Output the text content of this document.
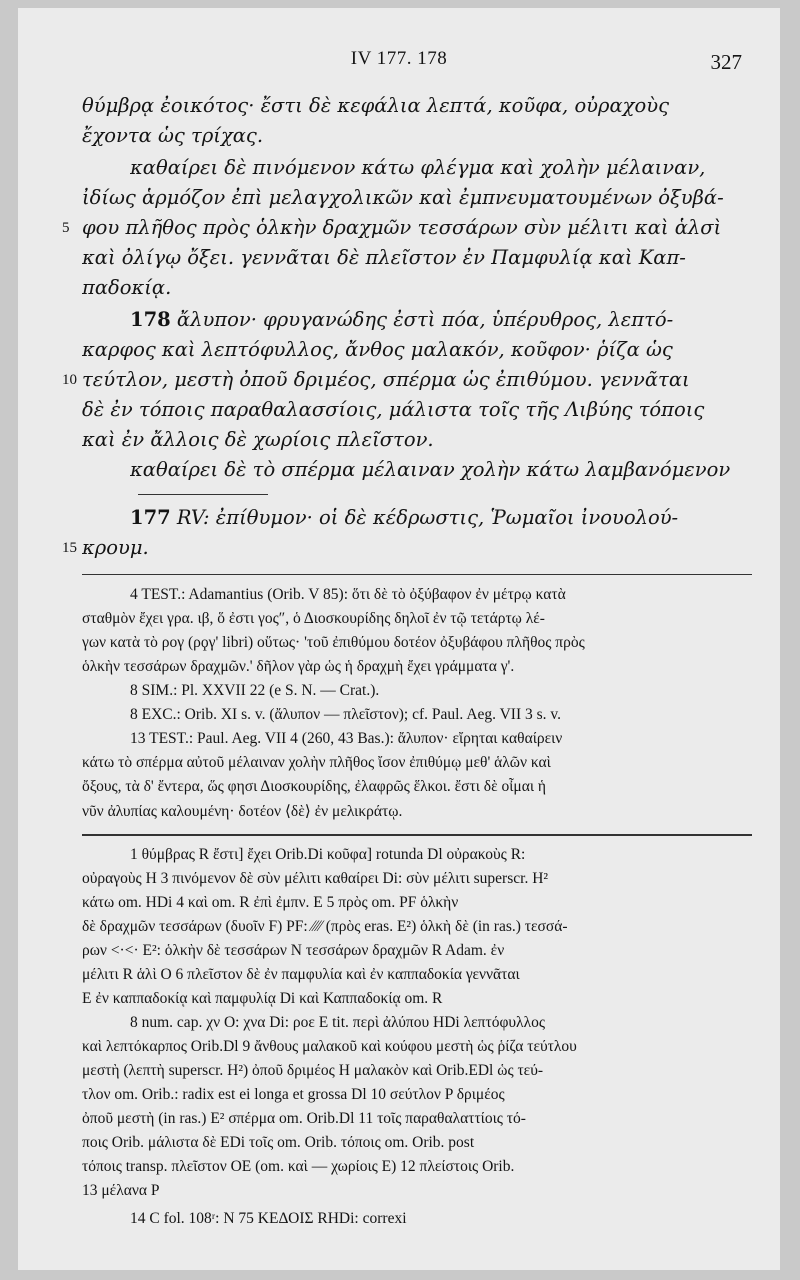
IV 177. 178	327
θύμβρᾳ ἐοικότος· ἔστι δὲ κεφάλια λεπτά, κοῦφα, οὐραχοὺς
ἔχοντα ὡς τρίχας.
καθαίρει δὲ πινόμενον κάτω φλέγμα καὶ χολὴν μέλαιναν,
ἰδίως ἁρμόζον ἐπὶ μελαγχολικῶν καὶ ἐμπνευματουμένων ὀξυβά-
5 φου πλῆθος πρὸς ὁλκὴν δραχμῶν τεσσάρων σὺν μέλιτι καὶ ἁλσὶ
καὶ ὀλίγῳ ὄξει. γεννᾶται δὲ πλεῖστον ἐν Παμφυλίᾳ καὶ Καπ-
παδοκίᾳ.
178 ἄλυπον· φρυγανώδης ἐστὶ πόα, ὑπέρυθρος, λεπτό-
καρφος καὶ λεπτόφυλλος, ἄνθος μαλακόν, κοῦφον· ῥίζα ὡς
10 τεύτλον, μεστὴ ὀποῦ δριμέος, σπέρμα ὡς ἐπιθύμου. γεννᾶται
δὲ ἐν τόποις παραθαλασσίοις, μάλιστα τοῖς τῆς Λιβύης τόποις
καὶ ἐν ἄλλοις δὲ χωρίοις πλεῖστον.
καθαίρει δὲ τὸ σπέρμα μέλαιναν χολὴν κάτω λαμβανόμενον
177 RV: ἐπίθυμον· οἱ δὲ κέδρωστις, Ῥωμαῖοι ἰνουολού-
15 κρουμ.
4 TEST.: Adamantius (Orib. V 85): ὅτι δὲ τὸ ὀξύβαφον ἐν μέτρῳ κατὰ
σταθμὸν ἔχει γρα. ιβ, ὅ ἐστι γος″, ὁ Διοσκουρίδης δηλοῖ ἐν τῷ τετάρτῳ λέ-
γων κατὰ τὸ ρογ (ρϙγ' libri) οὕτως· 'τοῦ ἐπιθύμου δοτέον ὀξυβάφου πλῆθος πρὸς
ὁλκὴν τεσσάρων δραχμῶν.' δῆλον γὰρ ὡς ἡ δραχμὴ ἔχει γράμματα γ'.
8 SIM.: Pl. XXVII 22 (e S. N. — Crat.).
8 EXC.: Orib. XI s. v. (ἄλυπον — πλεῖστον); cf. Paul. Aeg. VII 3 s. v.
13 TEST.: Paul. Aeg. VII 4 (260, 43 Bas.): ἄλυπον· εἴρηται καθαίρειν
κάτω τὸ σπέρμα αὐτοῦ μέλαιναν χολὴν πλῆθος ἴσον ἐπιθύμῳ μεθ' ἁλῶν καὶ
ὄξους, τὰ δ' ἔντερα, ὥς φησι Διοσκουρίδης, ἐλαφρῶς ἕλκοι. ἔστι δὲ οἶμαι ἡ
νῦν ἀλυπίας καλουμένη· δοτέον ⟨δὲ⟩ ἐν μελικράτῳ.
1 θύμβρας R ἔστι] ἔχει Orib.Di κοῦφα] rotunda Dl οὐρακοὺς R:
οὐραγοὺς H 3 πινόμενον δὲ σὺν μέλιτι καθαίρει Di: σὺν μέλιτι superscr. H²
κάτω om. HDi 4 καὶ om. R ἐπὶ ἐμπν. E 5 πρὸς om. PF ὁλκὴν
δὲ δραχμῶν τεσσάρων (δυοῖν F) PF: ⁄⁄⁄⁄ (πρὸς eras. E²) ὁλκὴ δὲ (in ras.) τεσσά-
ρων <·<· E²: ὁλκὴν δὲ τεσσάρων N τεσσάρων δραχμῶν R Adam. ἐν
μέλιτι R ἁλὶ O 6 πλεῖστον δὲ ἐν παμφυλία καὶ ἐν καππαδοκία γεννᾶται
E ἐν καππαδοκίᾳ καὶ παμφυλίᾳ Di καὶ Καππαδοκίᾳ om. R
8 num. cap. χν O: χνα Di: ροε E tit. περὶ ἀλύπου HDi λεπτόφυλλος
καὶ λεπτόκαρπος Orib.Dl 9 ἄνθους μαλακοῦ καὶ κούφου μεστὴ ὡς ῥίζα τεύτλου
μεστὴ (λεπτὴ superscr. H²) ὀποῦ δριμέος H μαλακὸν καὶ Orib.EDl ὡς τεύ-
τλον om. Orib.: radix est ei longa et grossa Dl 10 σεύτλον P δριμέος
ὀποῦ μεστὴ (in ras.) E² σπέρμα om. Orib.Dl 11 τοῖς παραθαλαττίοις τό-
ποις Orib. μάλιστα δὲ EDi τοῖς om. Orib. τόποις om. Orib. post
τόποις transp. πλεῖστον OE (om. καὶ — χωρίοις E) 12 πλείστοις Orib.
13 μέλανα P
14 C fol. 108ʳ: N 75 ΚΕΔΟΙΣ RHDi: correxi
